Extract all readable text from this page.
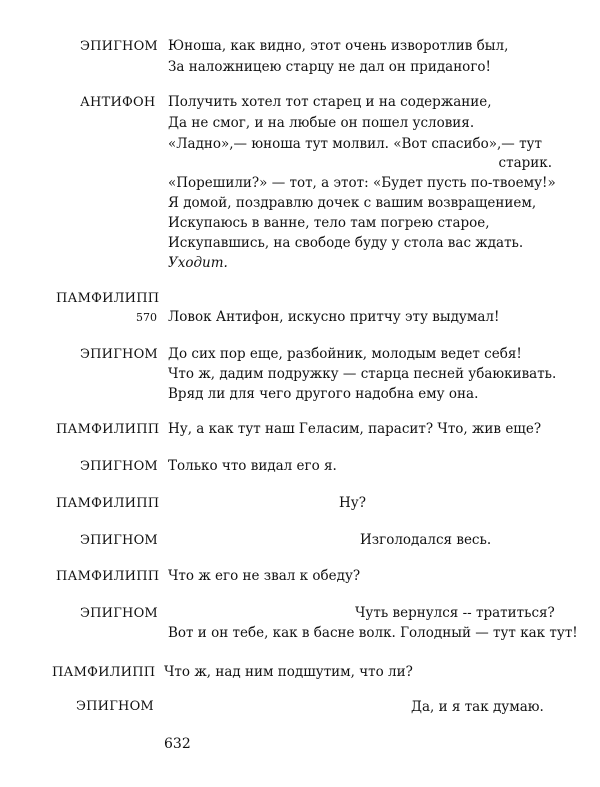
ЭПИГНОМ Юноша, как видно, этот очень изворотлив был,
За наложницею старцу не дал он приданого!
АНТИФОН Получить хотел тот старец и на содержание,
Да не смог, и на любые он пошел условия.
«Ладно»,— юноша тут молвил. «Вот спасибо»,— тут
старик.
«Порешили?» — тот, а этот: «Будет пусть по-твоему!»
Я домой, поздравлю дочек с вашим возвращением,
Искупаюсь в ванне, тело там погрею старое,
Искупавшись, на свободе буду у стола вас ждать.
Уходит.
ПАМФИЛИПП
570 Ловок Антифон, искусно притчу эту выдумал!
ЭПИГНОМ До сих пор еще, разбойник, молодым ведет себя!
Что ж, дадим подружку — старца песней убаюкивать.
Вряд ли для чего другого надобна ему она.
ПАМФИЛИПП Ну, а как тут наш Геласим, парасит? Что, жив еще?
ЭПИГНОМ Только что видал его я.
ПАМФИЛИПП	Ну?
ЭПИГНОМ	Изголодался весь.
ПАМФИЛИПП Что ж его не звал к обеду?
ЭПИГНОМ	Чуть вернулся -- тратиться?
Вот и он тебе, как в басне волк. Голодный — тут как тут!
ПАМФИЛИПП Что ж, над ним подшутим, что ли?
ЭПИГНОМ	Да, и я так думаю.
632
